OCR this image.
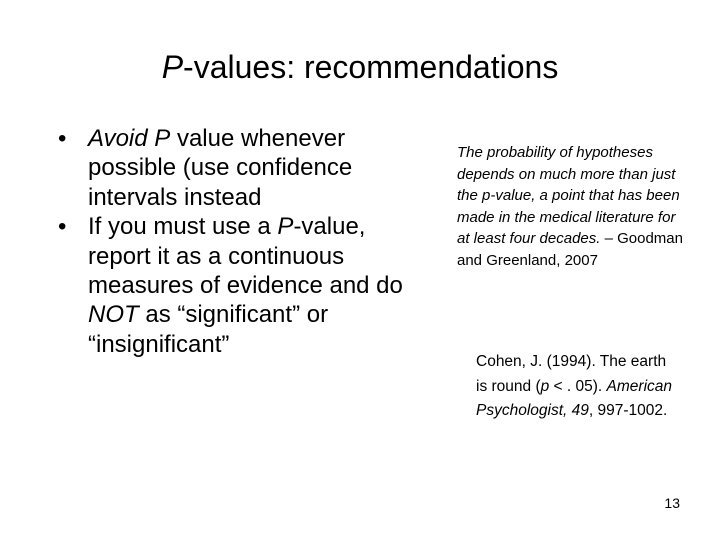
P-values: recommendations
• Avoid P value whenever possible (use confidence intervals instead
• If you must use a P-value, report it as a continuous measures of evidence and do NOT as “significant” or “insignificant”
The probability of hypotheses depends on much more than just the p-value, a point that has been made in the medical literature for at least four decades. – Goodman and Greenland, 2007
Cohen, J. (1994). The earth is round (p < . 05). American Psychologist, 49, 997-1002.
13
